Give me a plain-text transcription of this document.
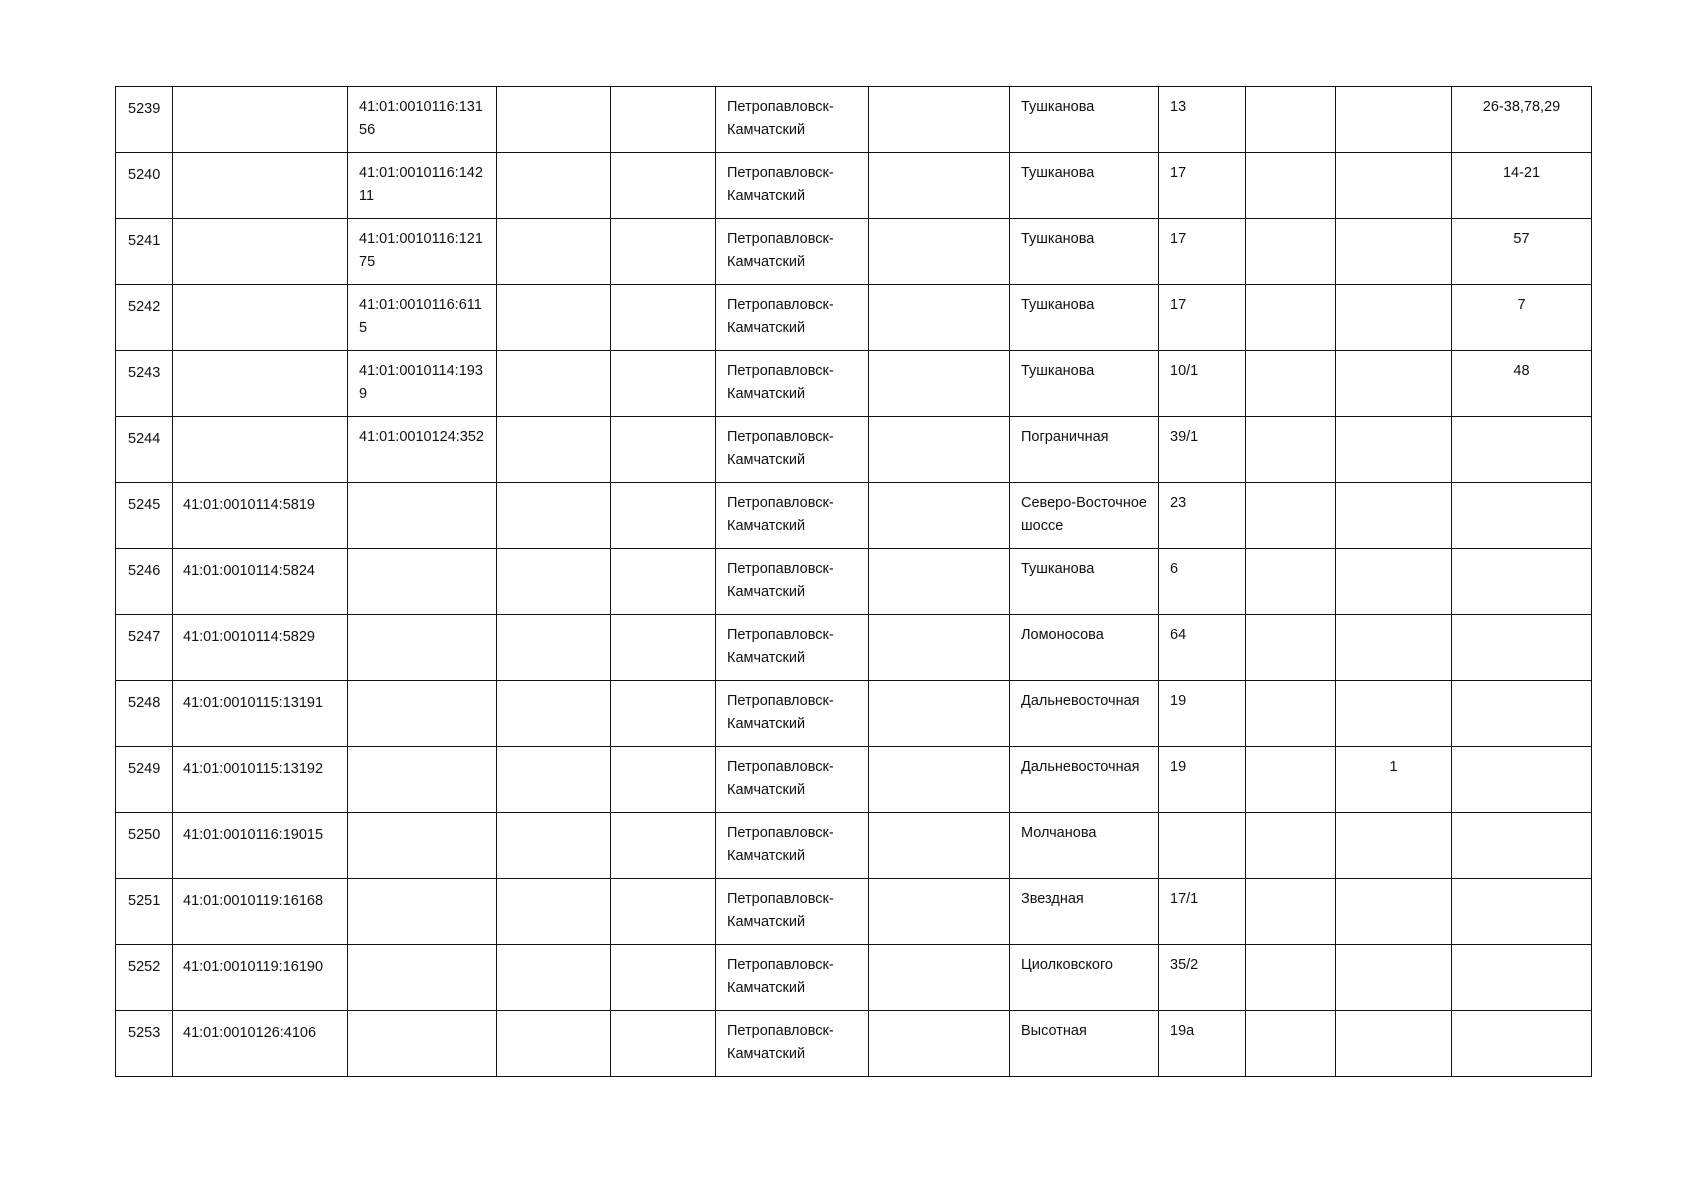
5239		41:01:0010116:13156			Петропавловск-Камчатский		Тушканова	13			26-38,78,29

5240		41:01:0010116:14211			Петропавловск-Камчатский		Тушканова	17			14-21

5241		41:01:0010116:12175			Петропавловск-Камчатский		Тушканова	17			57

5242		41:01:0010116:6115			Петропавловск-Камчатский		Тушканова	17			7

5243		41:01:0010114:1939			Петропавловск-Камчатский		Тушканова	10/1			48

5244		41:01:0010124:352			Петропавловск-Камчатский		Пограничная	39/1			

5245	41:01:0010114:5819				Петропавловск-Камчатский		Северо-Восточное шоссе	23			

5246	41:01:0010114:5824				Петропавловск-Камчатский		Тушканова	6			

5247	41:01:0010114:5829				Петропавловск-Камчатский		Ломоносова	64			

5248	41:01:0010115:13191				Петропавловск-Камчатский		Дальневосточная	19			

5249	41:01:0010115:13192				Петропавловск-Камчатский		Дальневосточная	19		1	

5250	41:01:0010116:19015				Петропавловск-Камчатский		Молчанова				

5251	41:01:0010119:16168				Петропавловск-Камчатский		Звездная	17/1			

5252	41:01:0010119:16190				Петропавловск-Камчатский		Циолковского	35/2			

5253	41:01:0010126:4106				Петропавловск-Камчатский		Высотная	19а			
